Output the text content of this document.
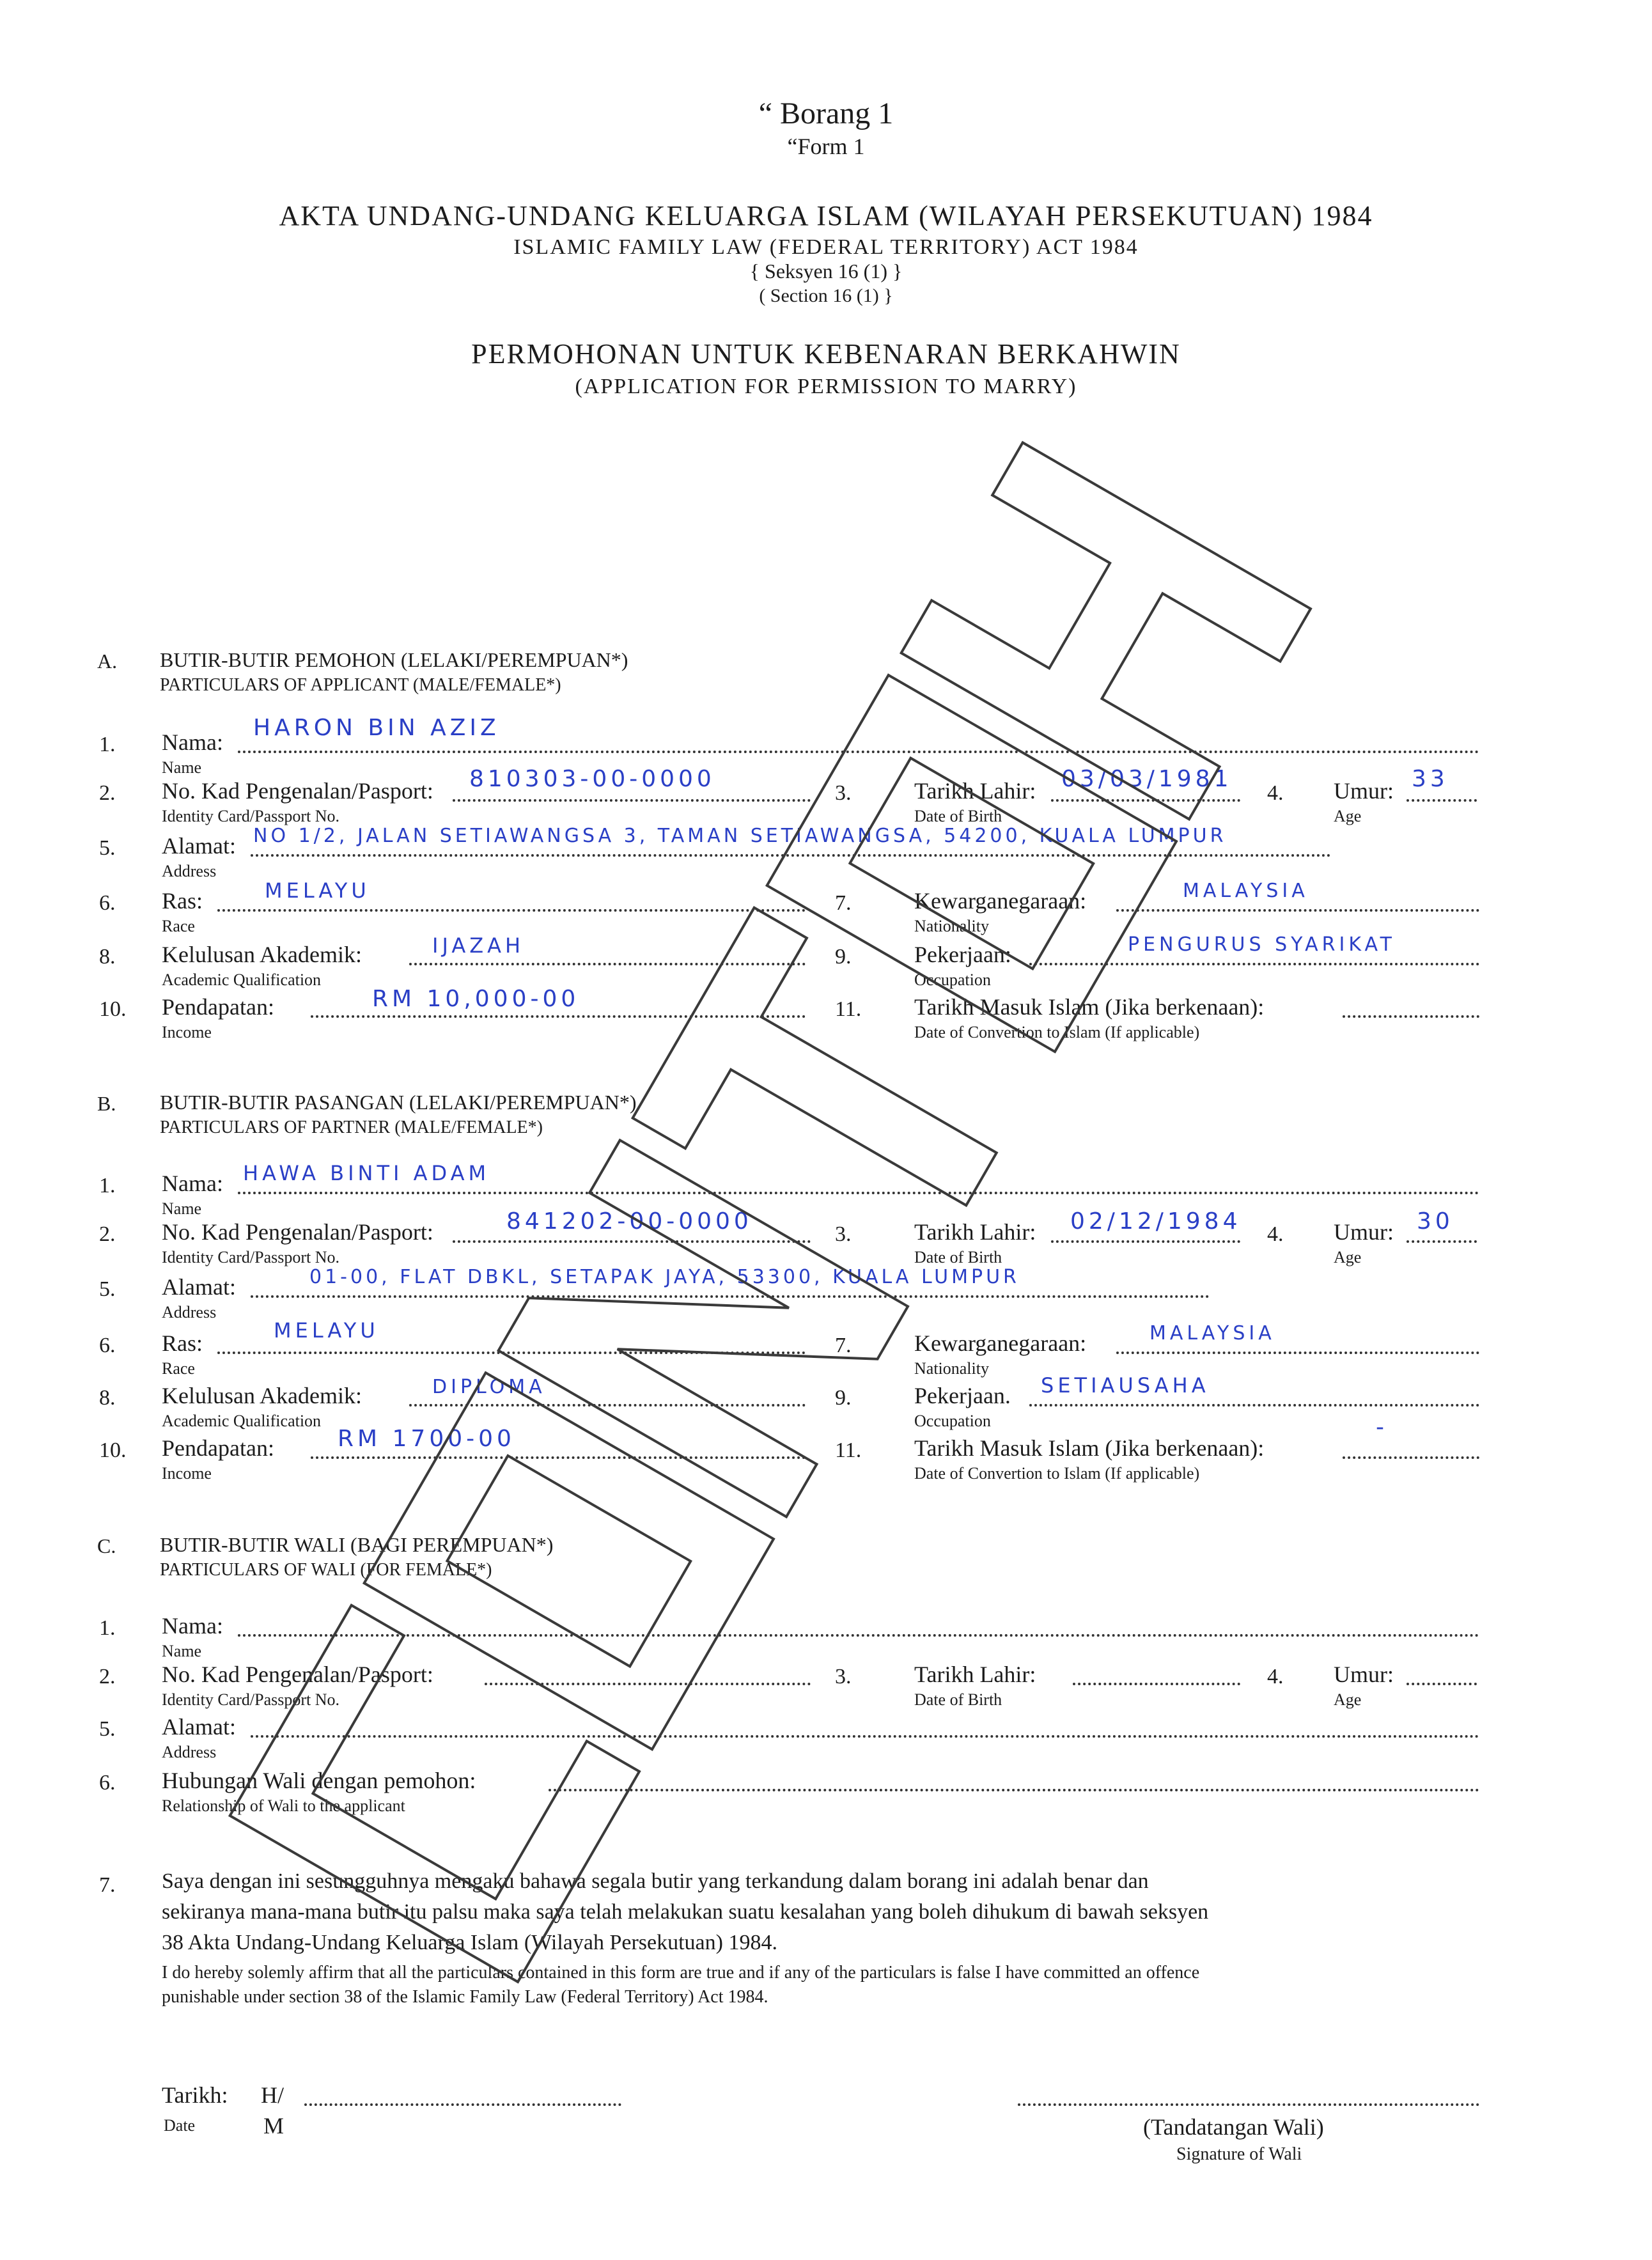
“ Borang 1
“Form 1
AKTA UNDANG-UNDANG KELUARGA ISLAM (WILAYAH PERSEKUTUAN) 1984
ISLAMIC FAMILY LAW (FEDERAL TERRITORY) ACT 1984
{ Seksyen 16 (1) }
( Section 16 (1) }
PERMOHONAN UNTUK KEBENARAN BERKAHWIN
(APPLICATION FOR PERMISSION TO MARRY)
A. BUTIR-BUTIR PEMOHON (LELAKI/PEREMPUAN*)
PARTICULARS OF APPLICANT (MALE/FEMALE*)
1. Nama:
HARON BIN AZIZ
Name
2. No. Kad Pengenalan/Pasport: 810303-00-0000
Identity Card/Passport No.
3.	Tarikh Lahir: 03/03/1981
Date of Birth
4. Umur: 33
Age
5. Alamat: NO 1/2, JALAN SETIAWANGSA 3, TAMAN SETIAWANGSA, 54200, KUALA LUMPUR
Address
6. Ras:	MELAYU
Race
7.	Kewarganegaraan:	MALAYSIA
Nationality
8. Kelulusan Akademik:	IJAZAH
Academic Qualification
9.	Pekerjaan:	PENGURUS SYARIKAT
Occupation
10. Pendapatan:	RM 10,000-00
Income
11. Tarikh Masuk Islam (Jika berkenaan):
Date of Convertion to Islam (If applicable)
B. BUTIR-BUTIR PASANGAN (LELAKI/PEREMPUAN*)
PARTICULARS OF PARTNER (MALE/FEMALE*)
1. Nama: HAWA BINTI ADAM
Name
2. No. Kad Pengenalan/Pasport:	841202-00-0000
Identity Card/Passport No.
3.	Tarikh Lahir: 02/12/1984
Date of Birth
4. Umur: 30
Age
5. Alamat:	01-00, FLAT DBKL, SETAPAK JAYA, 53300, KUALA LUMPUR
Address
6. Ras:	MELAYU
Race
7.	Kewarganegaraan:	MALAYSIA
Nationality
8. Kelulusan Akademik:	DIPLOMA
Academic Qualification
9.	Pekerjaan. SETIAUSAHA
Occupation
10. Pendapatan:	RM 1700-00
Income
11. Tarikh Masuk Islam (Jika berkenaan):
-
Date of Convertion to Islam (If applicable)
C. BUTIR-BUTIR WALI (BAGI PEREMPUAN*)
PARTICULARS OF WALI (FOR FEMALE*)
1. Nama:
Name
2. No. Kad Pengenalan/Pasport:
Identity Card/Passport No.
3.	Tarikh Lahir:
Date of Birth
4. Umur:
Age
5. Alamat:
Address
6. Hubungan Wali dengan pemohon:
Relationship of Wali to the applicant
7. Saya dengan ini sesungguhnya mengaku bahawa segala butir yang terkandung dalam borang ini adalah benar dan
sekiranya mana-mana butir itu palsu maka saya telah melakukan suatu kesalahan yang boleh dihukum di bawah seksyen
38 Akta Undang-Undang Keluarga Islam (Wilayah Persekutuan) 1984.
I do hereby solemly affirm that all the particulars contained in this form are true and if any of the particulars is false I have committed an offence
punishable under section 38 of the Islamic Family Law (Federal Territory) Act 1984.
Tarikh: H/
Date	M	(Tandatangan Wali)
Signature of Wali
